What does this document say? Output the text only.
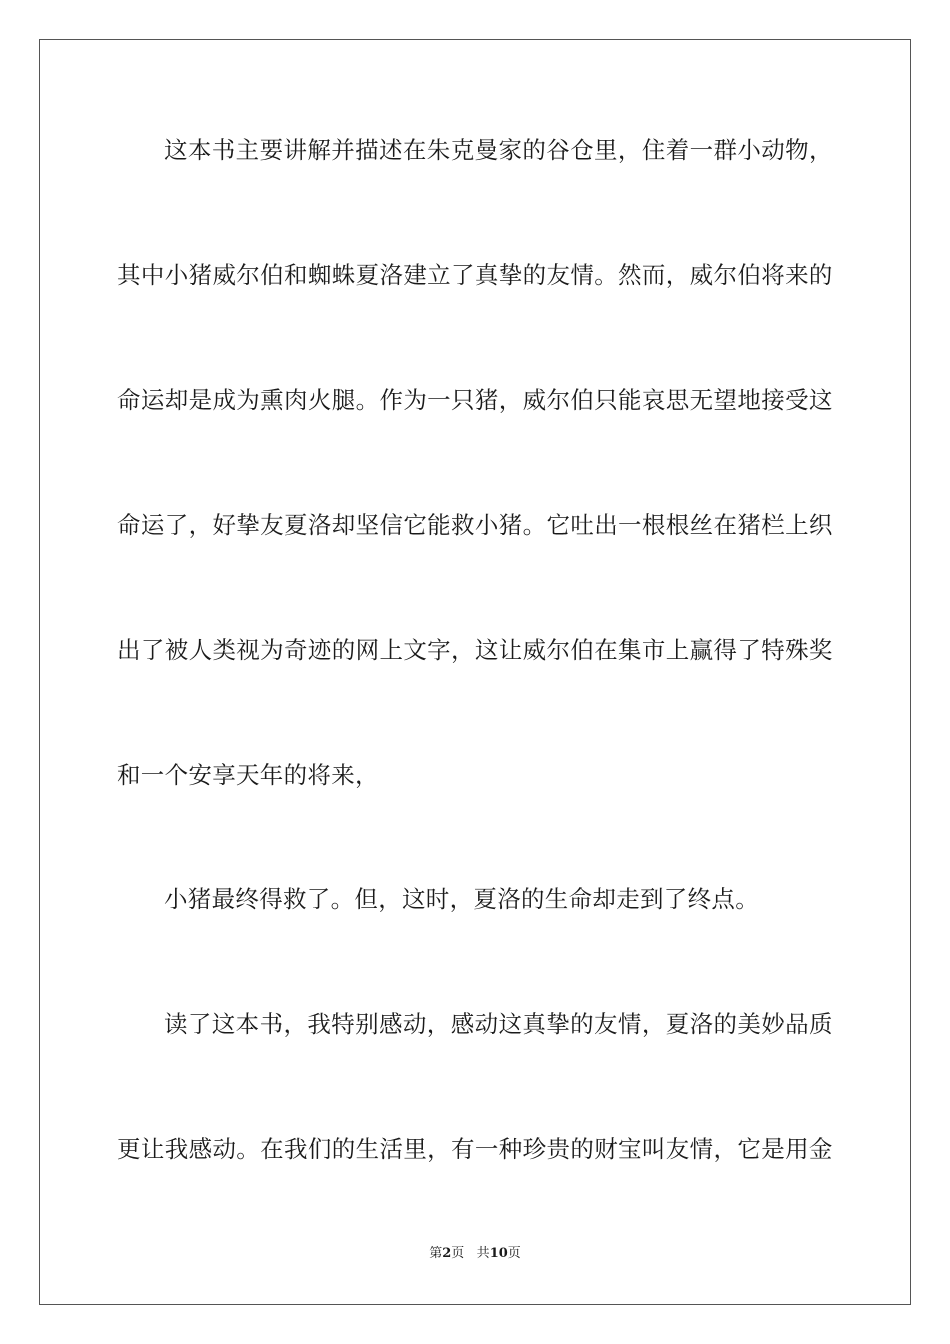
这 本 书 主 要 讲 解 并 描 述 在 朱 克 曼 家 的 谷 仓 里 ， 住 着 一 群 小 动 物 ，
其 中 小 猪 威 尔 伯 和 蜘 蛛 夏 洛 建 立 了 真 挚 的 友 情 。 然 而 ， 威 尔 伯 将 来 的
命 运 却 是 成 为 熏 肉 火 腿 。 作 为 一 只 猪 ， 威 尔 伯 只 能 哀 思 无 望 地 接 受 这
命 运 了 ， 好 挚 友 夏 洛 却 坚 信 它 能 救 小 猪 。 它 吐 出 一 根 根 丝 在 猪 栏 上 织
出 了 被 人 类 视 为 奇 迹 的 网 上 文 字 ， 这 让 威 尔 伯 在 集 市 上 赢 得 了 特 殊 奖
和一个安享天年的将来，
小猪最终得救了。但，这时，夏洛的生命却走到了终点。
读 了 这 本 书 ， 我 特 别 感 动 ， 感 动 这 真 挚 的 友 情 ， 夏 洛 的 美 妙 品 质
更 让 我 感 动 。 在 我 们 的 生 活 里 ， 有 一 种 珍 贵 的 财 宝 叫 友 情 ， 它 是 用 金
第2页 共10页
